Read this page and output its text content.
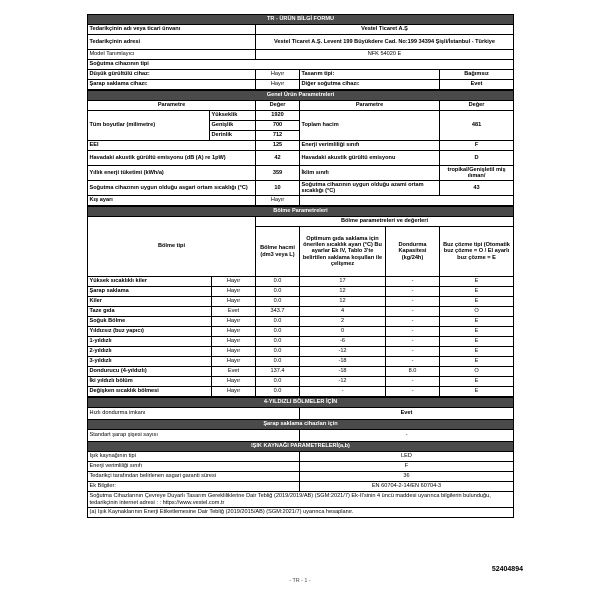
TR - ÜRÜN BİLGİ FORMU			
Tedarikçinin adı veya ticari ünvanı	Vestel Ticaret A.Ş		
Tedarikçinin adresi	Vestel Ticaret A.Ş. Levent 199 Büyükdere Cad. No:199 34394 Şişli/İstanbul - Türkiye		
Model Tanımlayıcı	NFK 54020 E		
Soğutma cihazının tipi			
Düşük gürültülü cihaz:	Hayır	Tasarım tipi:	Bağımsız
Şarap saklama cihazı:	Hayır	Diğer soğutma cihazı:	Evet
Genel Ürün Parametreleri				
Parametre		Değer	Parametre	Değer
Tüm boyutlar (milimetre)	Yükseklik	1920	Toplam hacim	481
	Genişlik	700		
	Derinlik	712		
EEI		125	Enerji verimliliği sınıfı	F
Havadaki akustik gürültü emisyonu (dB (A) re 1pW)		42	Havadaki akustik gürültü emisyonu	D
Yıllık enerji tüketimi (kWh/a)		359	İklim sınıfı	tropikal/Genişletil miş ılıman/
Soğutma cihazının uygun olduğu asgari ortam sıcaklığı (°C)		10	Soğutma cihazının uygun olduğu azami ortam sıcaklığı (°C)	43
Kış ayarı		Hayır		
Bölme Parametreleri					
Bölme tipi		Bölme parametreleri ve değerleri			
		Bölme hacmi (dm3 veya L)	Optimum gıda saklama için önerilen sıcaklık ayarı (°C) Bu ayarlar Ek IV, Tablo 3'te belirtilen saklama koşulları ile çelişmez	Dondurma Kapasitesi (kg/24h)	Buz çözme tipi (Otomatik buz çözme = O / El ayarlı buz çözme = E
Yüksek sıcaklıklı kiler	Hayır	0.0	17	-	E
Şarap saklama	Hayır	0.0	12	-	E
Kiler	Hayır	0.0	12	-	E
Taze gıda	Evet	343.7	4	-	O
Soğuk Bölme	Hayır	0.0	2	-	E
Yıldızsız (buz yapıcı)	Hayır	0.0	0	-	E
1-yıldızlı	Hayır	0.0	-6	-	E
2-yıldızlı	Hayır	0.0	-12	-	E
3-yıldızlı	Hayır	0.0	-18	-	E
Dondurucu (4-yıldızlı)	Evet	137.4	-18	8.0	O
İki yıldızlı bölüm	Hayır	0.0	-12	-	E
Değişken sıcaklık bölmesi	Hayır	0.0	-	-	E
4-YILDIZLI BÖLMELER İÇİN	
Hızlı dondurma imkanı	Evet
Şarap saklama cihazları için	
Standart şarap şişesi sayısı	-
IŞIK KAYNAĞI PARAMETRELERİ(a,b)	
Işık kaynağının tipi	LED
Enerji verimliliği sınıfı	F
Tedarikçi tarafından belirlenen asgari garanti süresi	36
Ek Bilgiler:	EN 60704-2-14/EN 60704-3
Soğutma Cihazlarının Çevreye Duyarlı Tasarım Gerekliliklerine Dair Tebliğ (2019/2019/AB) (SGM:2021/7) Ek-II'sinin 4 üncü maddesi uyarınca bilgilerin bulunduğu, tedarikçinin internet adresi : : https://www.vestel.com.tr	
(a) Işık Kaynaklarının Enerji Etiketlemesine Dair Tebliğ (2019/2015/AB) (SGM:2021/7) uyarınca hesaplanır.	
52404894
- TR - 1 -
